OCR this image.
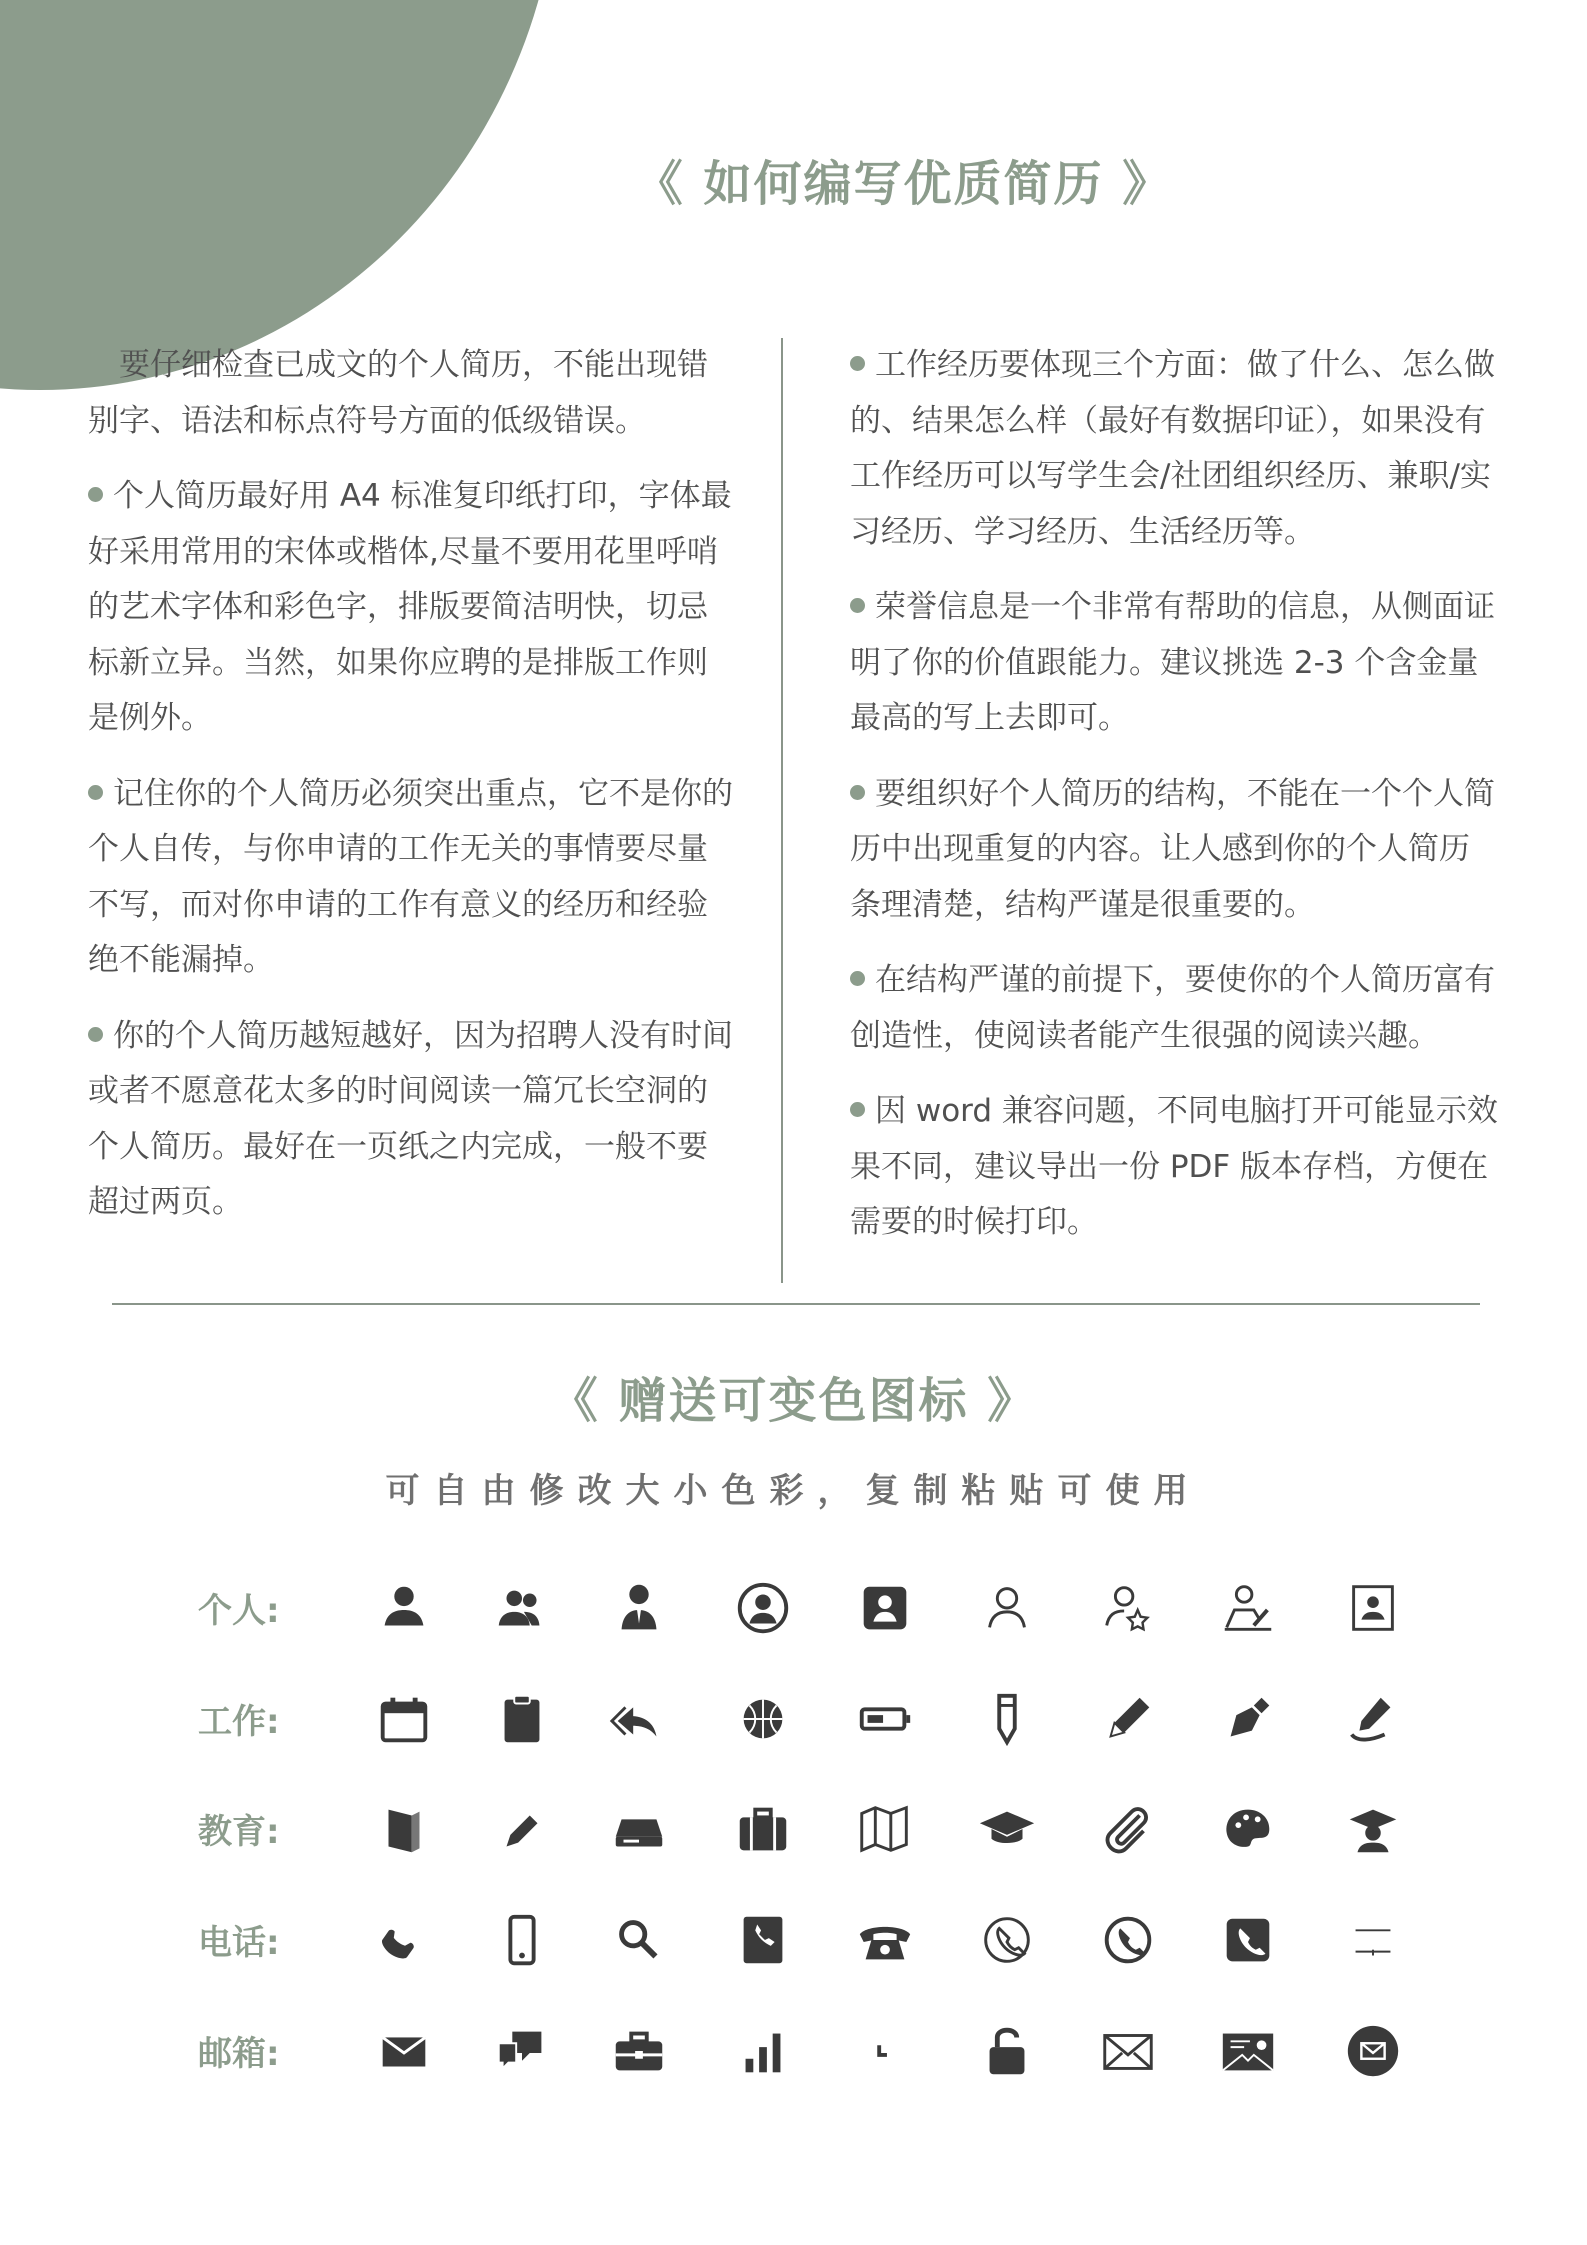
《 如何编写优质简历 》

要仔细检查已成文的个人简历，不能出现错别字、语法和标点符号方面的低级错误。

个人简历最好用 A4 标准复印纸打印，字体最好采用常用的宋体或楷体,尽量不要用花里呼哨的艺术字体和彩色字，排版要简洁明快，切忌标新立异。当然，如果你应聘的是排版工作则是例外。

记住你的个人简历必须突出重点，它不是你的个人自传，与你申请的工作无关的事情要尽量不写，而对你申请的工作有意义的经历和经验绝不能漏掉。

你的个人简历越短越好，因为招聘人没有时间或者不愿意花太多的时间阅读一篇冗长空洞的个人简历。最好在一页纸之内完成，一般不要超过两页。

工作经历要体现三个方面：做了什么、怎么做的、结果怎么样（最好有数据印证），如果没有工作经历可以写学生会/社团组织经历、兼职/实习经历、学习经历、生活经历等。

荣誉信息是一个非常有帮助的信息，从侧面证明了你的价值跟能力。建议挑选 2-3 个含金量最高的写上去即可。

要组织好个人简历的结构，不能在一个个人简历中出现重复的内容。让人感到你的个人简历条理清楚，结构严谨是很重要的。

在结构严谨的前提下，要使你的个人简历富有创造性，使阅读者能产生很强的阅读兴趣。

因 word 兼容问题，不同电脑打开可能显示效果不同，建议导出一份 PDF 版本存档，方便在需要的时候打印。

《 赠送可变色图标 》
可自由修改大小色彩，复制粘贴可使用
个人:
工作:
教育:
电话:
邮箱:
